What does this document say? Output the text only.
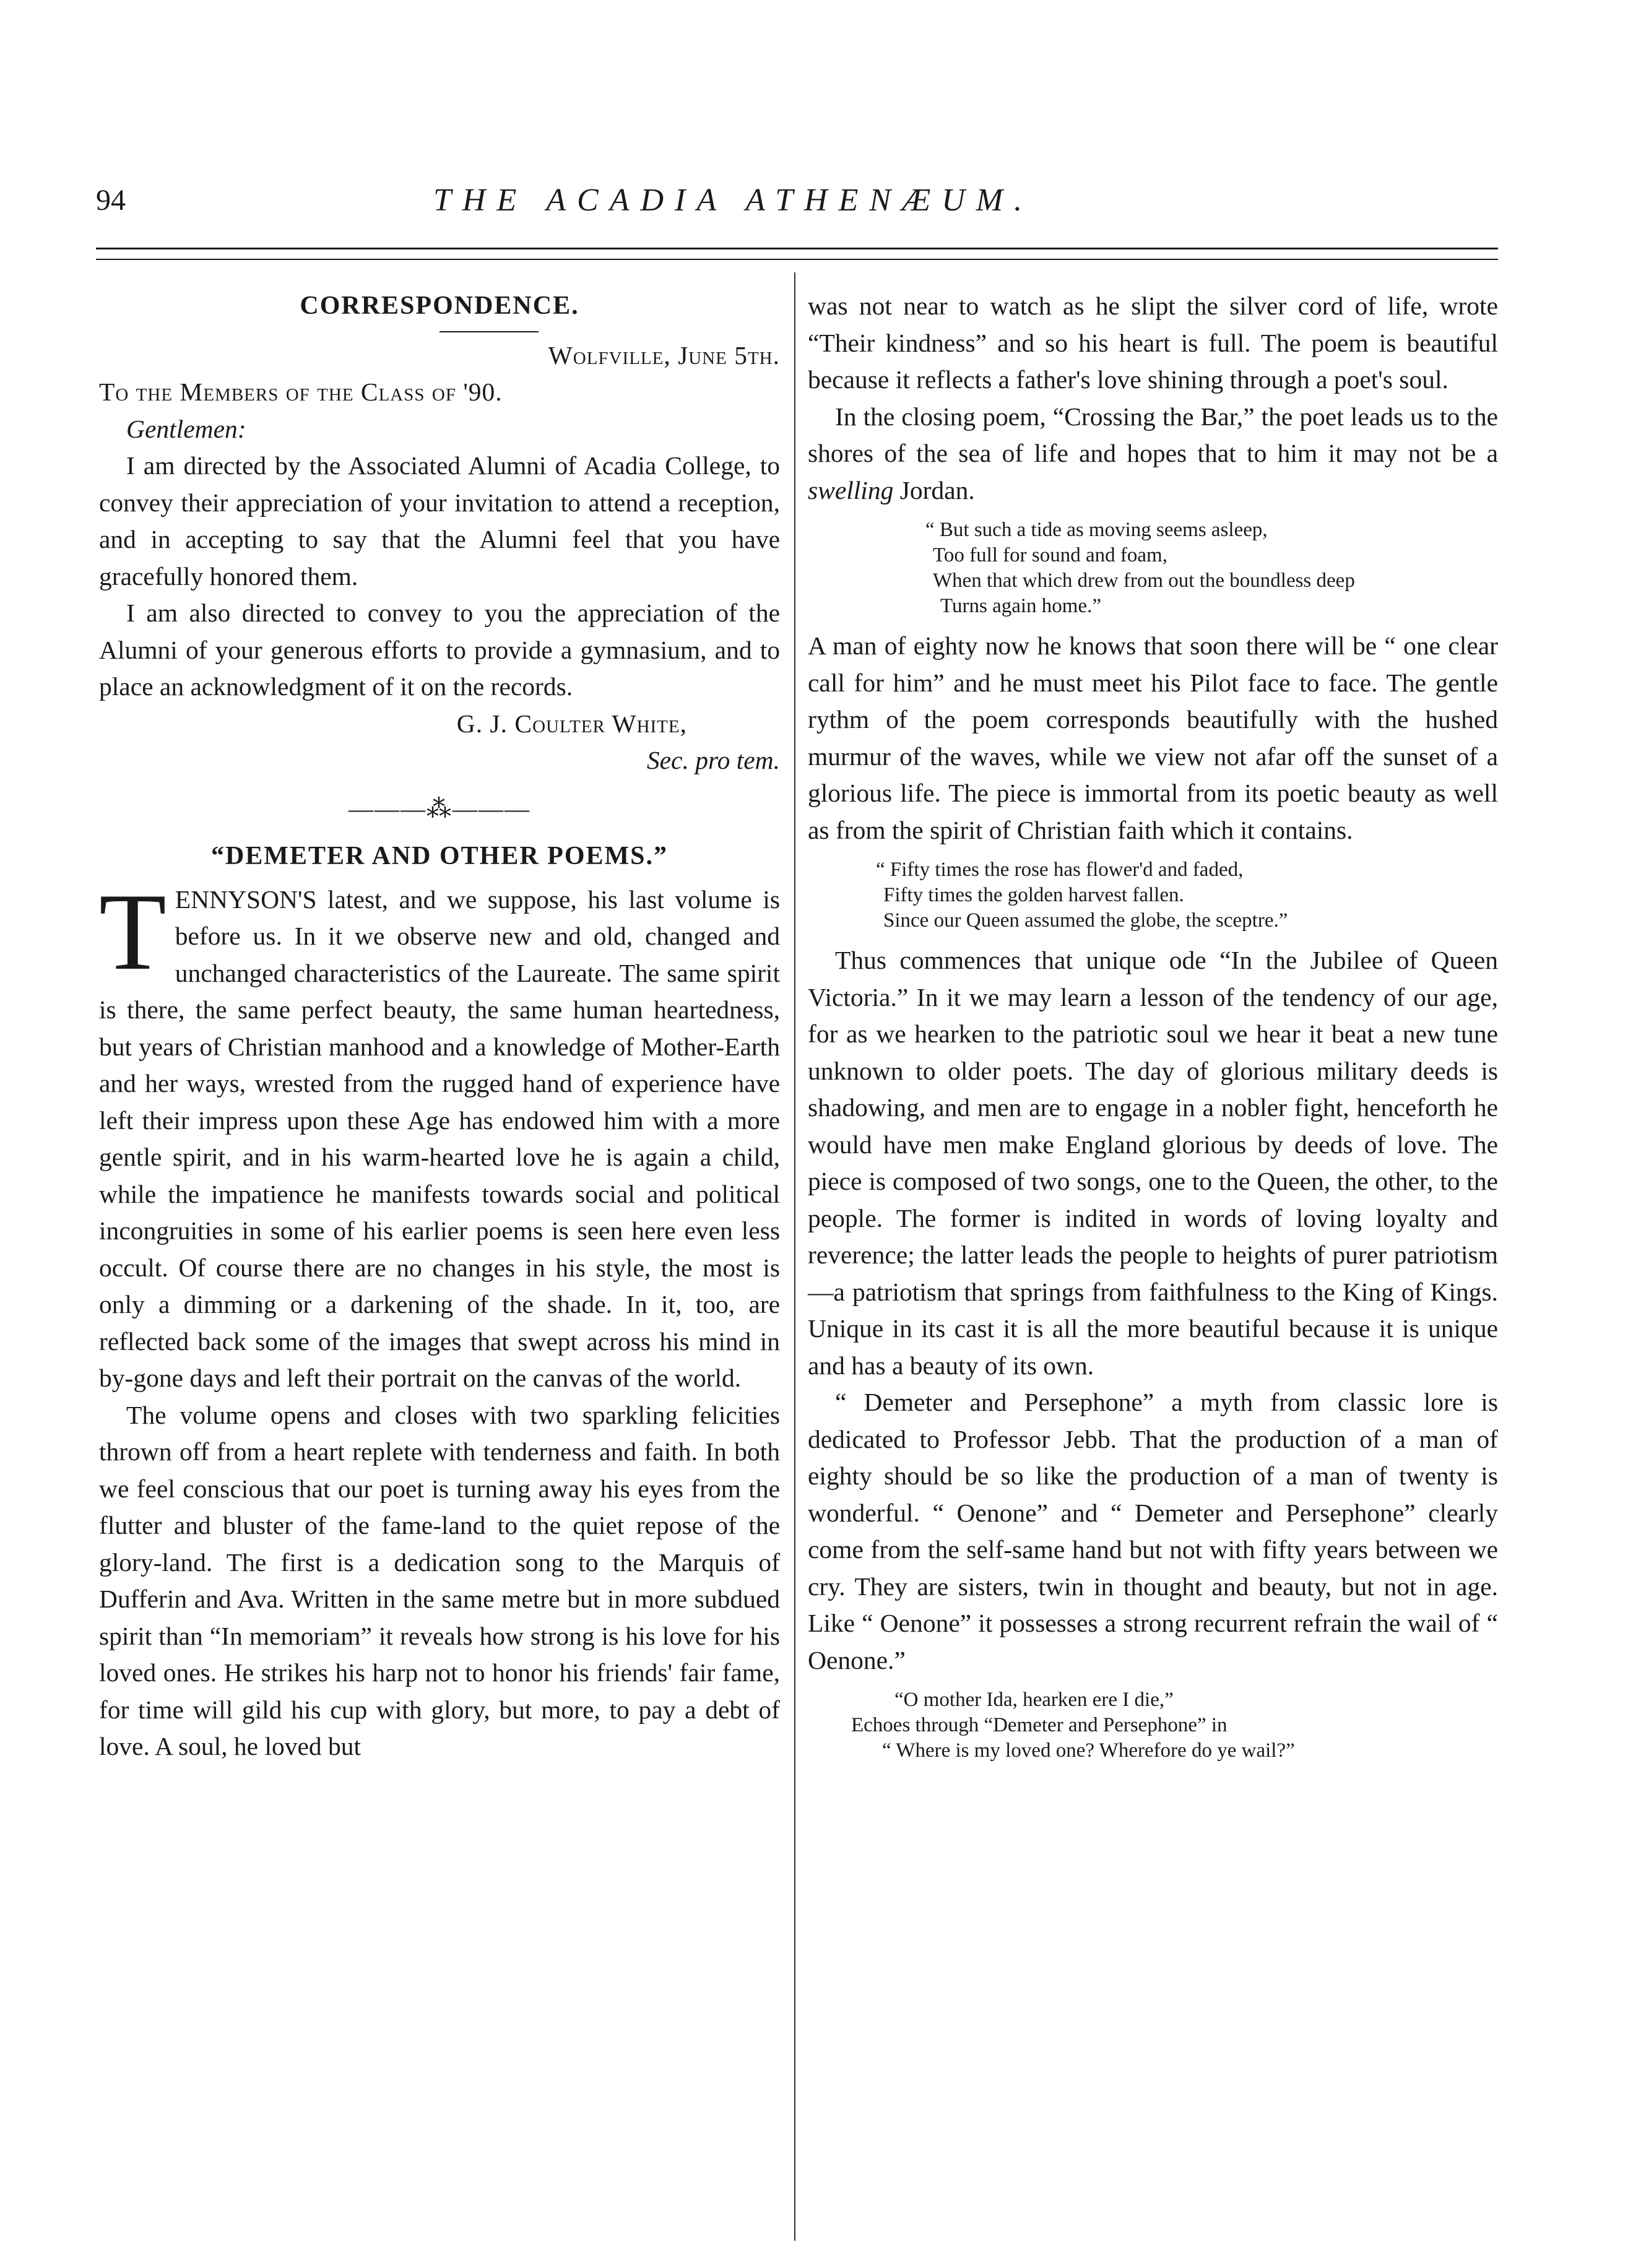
94	THE ACADIA ATHENÆUM.

CORRESPONDENCE.

Wolfville, June 5th.

To the Members of the Class of '90.

Gentlemen:

I am directed by the Associated Alumni of Acadia College, to convey their appreciation of your invitation to attend a reception, and in accepting to say that the Alumni feel that you have gracefully honored them.

I am also directed to convey to you the appreciation of the Alumni of your generous efforts to provide a gymnasium, and to place an acknowledgment of it on the records.

G. J. Coulter White,

Sec. pro tem.

———⁂———

“DEMETER AND OTHER POEMS.”

TENNYSON'S latest, and we suppose, his last volume is before us. In it we observe new and old, changed and unchanged characteristics of the Laureate. The same spirit is there, the same perfect beauty, the same human heartedness, but years of Christian manhood and a knowledge of Mother-Earth and her ways, wrested from the rugged hand of experience have left their impress upon these Age has endowed him with a more gentle spirit, and in his warm-hearted love he is again a child, while the impatience he manifests towards social and political incongruities in some of his earlier poems is seen here even less occult. Of course there are no changes in his style, the most is only a dimming or a darkening of the shade. In it, too, are reflected back some of the images that swept across his mind in by-gone days and left their portrait on the canvas of the world.

The volume opens and closes with two sparkling felicities thrown off from a heart replete with tenderness and faith. In both we feel conscious that our poet is turning away his eyes from the flutter and bluster of the fame-land to the quiet repose of the glory-land. The first is a dedication song to the Marquis of Dufferin and Ava. Written in the same metre but in more subdued spirit than “In memoriam” it reveals how strong is his love for his loved ones. He strikes his harp not to honor his friends' fair fame, for time will gild his cup with glory, but more, to pay a debt of love. A soul, he loved but

was not near to watch as he slipt the silver cord of life, wrote “Their kindness” and so his heart is full. The poem is beautiful because it reflects a father's love shining through a poet's soul.

In the closing poem, “Crossing the Bar,” the poet leads us to the shores of the sea of life and hopes that to him it may not be a swelling Jordan.

“ But such a tide as moving seems asleep,
Too full for sound and foam,
When that which drew from out the boundless deep
Turns again home.”

A man of eighty now he knows that soon there will be “ one clear call for him” and he must meet his Pilot face to face. The gentle rythm of the poem corresponds beautifully with the hushed murmur of the waves, while we view not afar off the sunset of a glorious life. The piece is immortal from its poetic beauty as well as from the spirit of Christian faith which it contains.

“ Fifty times the rose has flower'd and faded,
Fifty times the golden harvest fallen.
Since our Queen assumed the globe, the sceptre.”

Thus commences that unique ode “In the Jubilee of Queen Victoria.” In it we may learn a lesson of the tendency of our age, for as we hearken to the patriotic soul we hear it beat a new tune unknown to older poets. The day of glorious military deeds is shadowing, and men are to engage in a nobler fight, henceforth he would have men make England glorious by deeds of love. The piece is composed of two songs, one to the Queen, the other, to the people. The former is indited in words of loving loyalty and reverence; the latter leads the people to heights of purer patriotism—a patriotism that springs from faithfulness to the King of Kings. Unique in its cast it is all the more beautiful because it is unique and has a beauty of its own.

“ Demeter and Persephone” a myth from classic lore is dedicated to Professor Jebb. That the production of a man of eighty should be so like the production of a man of twenty is wonderful. “ Oenone” and “ Demeter and Persephone” clearly come from the self-same hand but not with fifty years between we cry. They are sisters, twin in thought and beauty, but not in age. Like “ Oenone” it possesses a strong recurrent refrain the wail of “ Oenone.”

“O mother Ida, hearken ere I die,”
Echoes through “Demeter and Persephone” in
“ Where is my loved one? Wherefore do ye wail?”
